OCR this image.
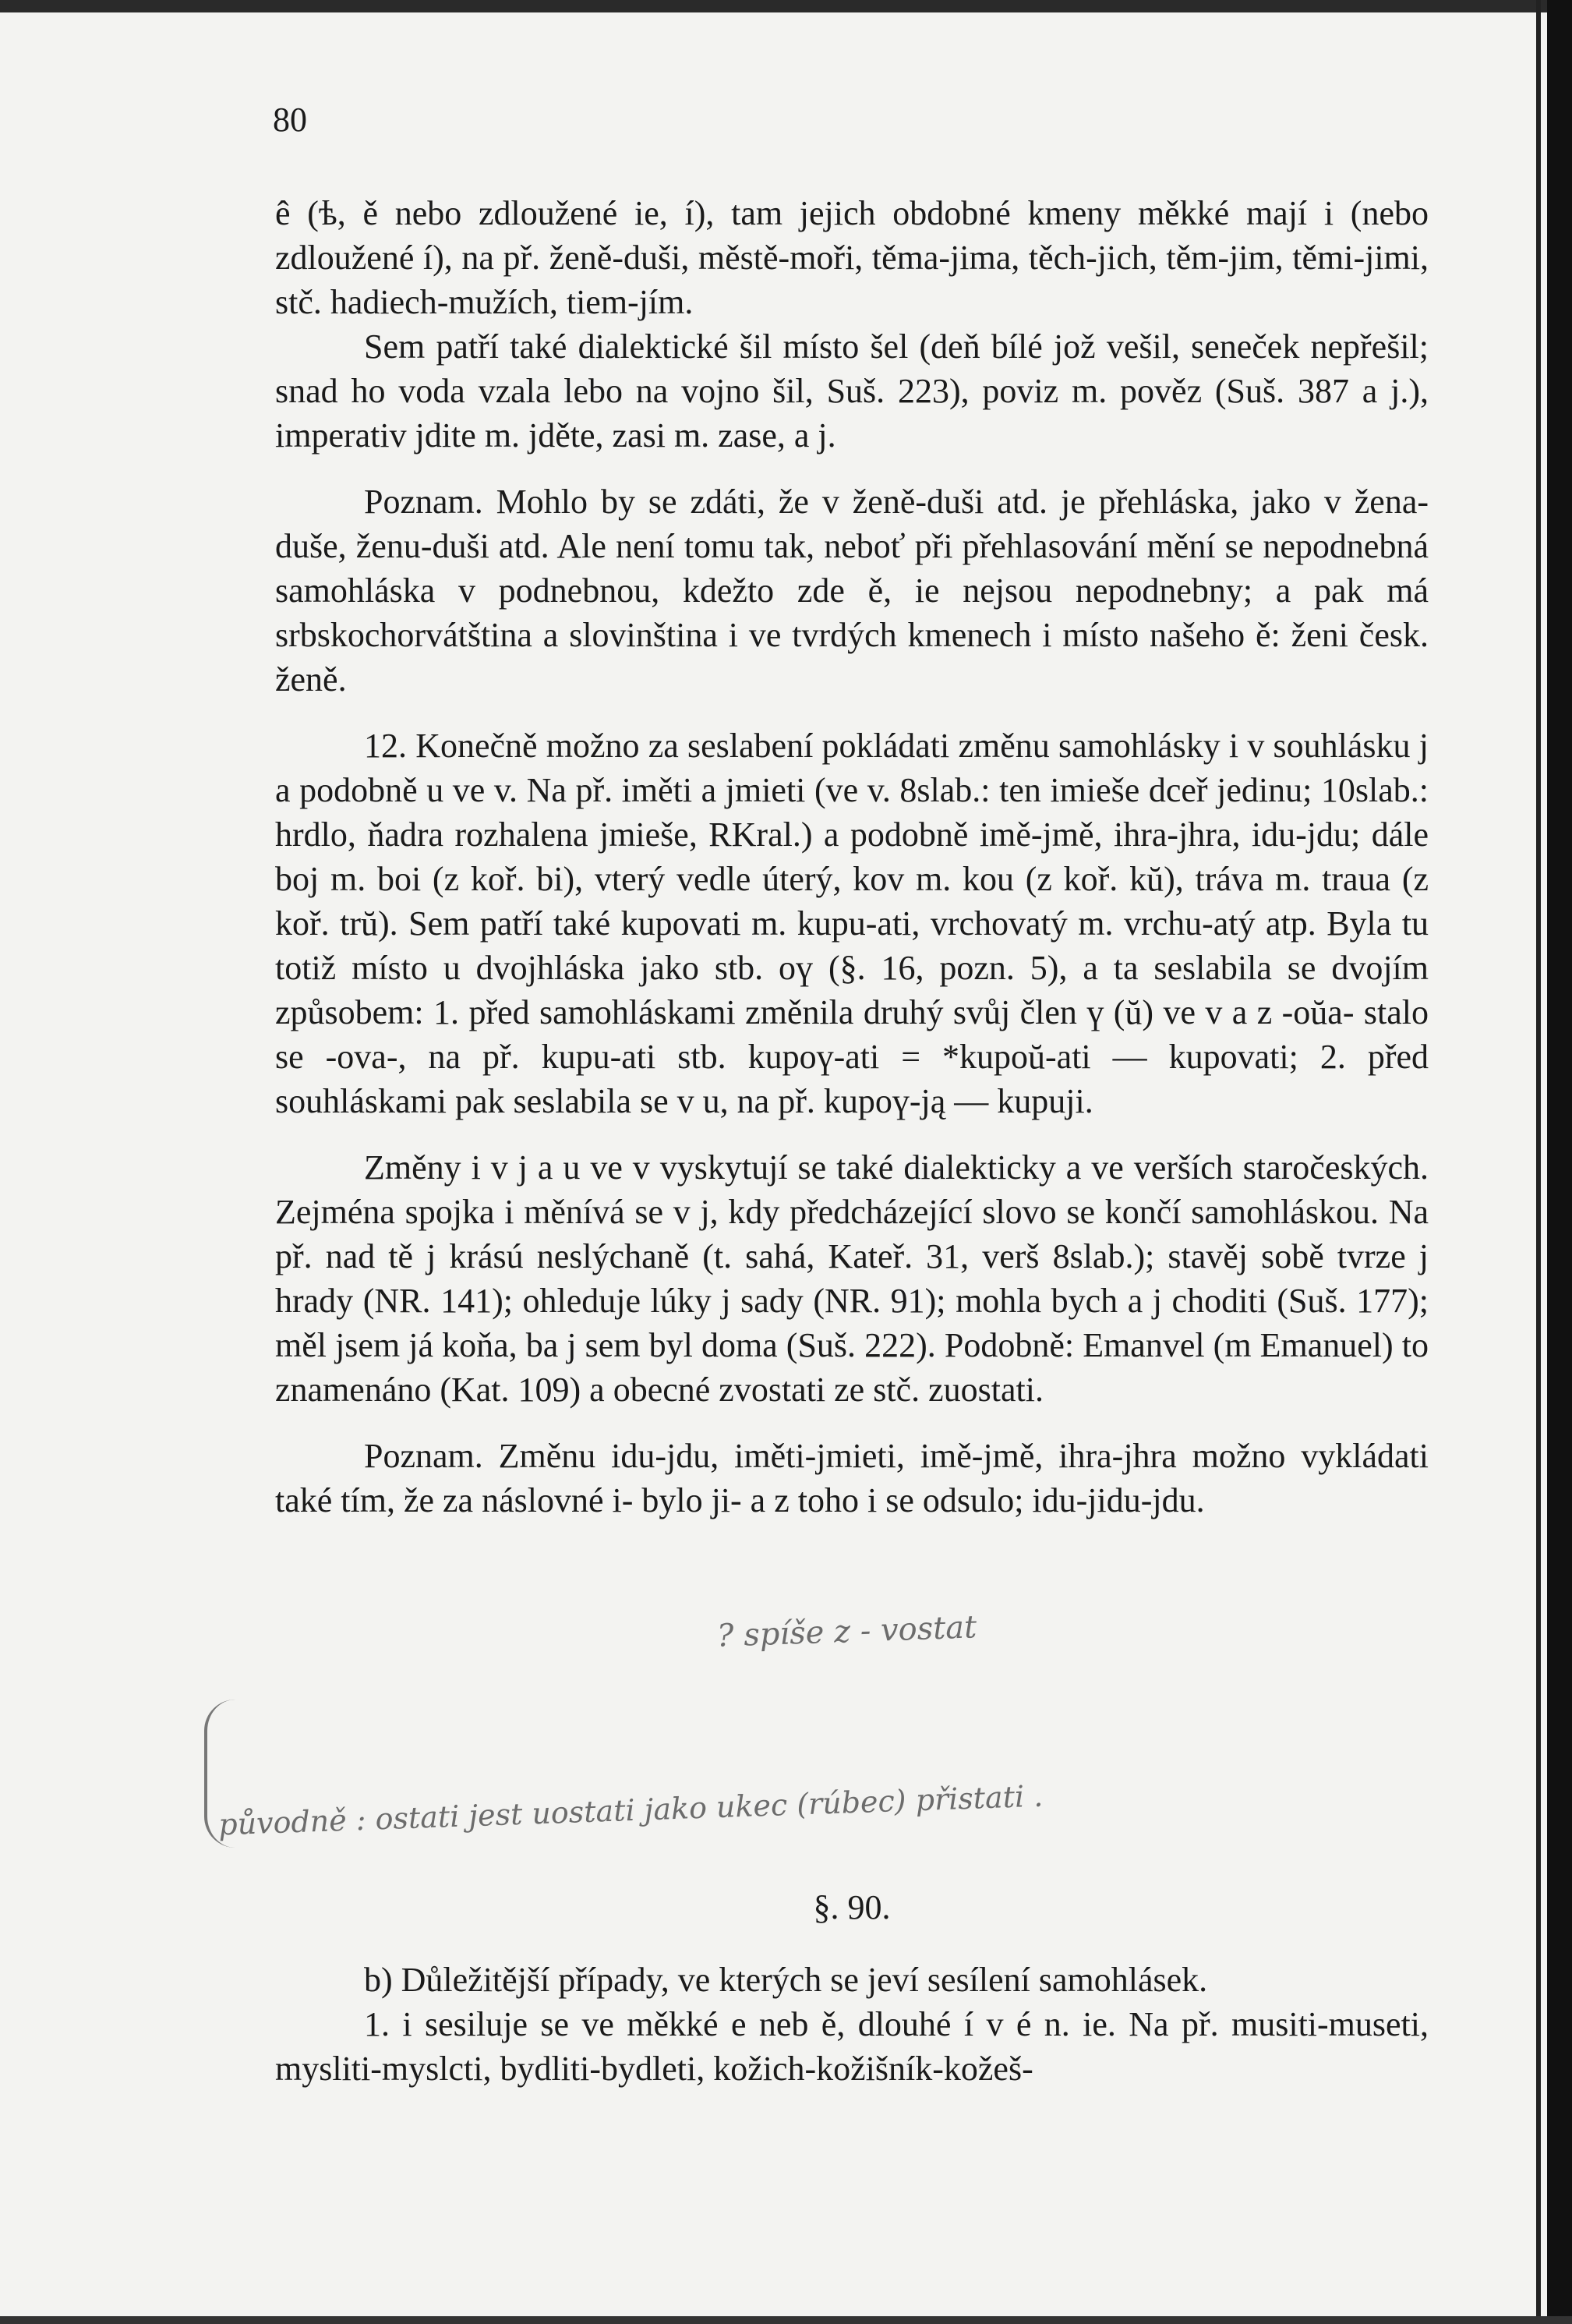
80

ê (ѣ, ě nebo zdloužené ie, í), tam jejich obdobné kmeny měkké mají i (nebo zdloužené í), na př. ženě-duši, městě-moři, těma-jima, těch-jich, těm-jim, těmi-jimi, stč. hadiech-mužích, tiem-jím.

Sem patří také dialektické šil místo šel (deň bílé jož vešil, seneček nepřešil; snad ho voda vzala lebo na vojno šil, Suš. 223), poviz m. pověz (Suš. 387 a j.), imperativ jdite m. jděte, zasi m. zase, a j.

Poznam. Mohlo by se zdáti, že v ženě-duši atd. je přehláska, jako v žena-duše, ženu-duši atd. Ale není tomu tak, neboť při přehlasování mění se nepodnebná samohláska v podnebnou, kdežto zde ě, ie nejsou nepodnebny; a pak má srbskochorvátština a slovinština i ve tvrdých kmenech i místo našeho ě: ženi česk. ženě.

12. Konečně možno za seslabení pokládati změnu samohlásky i v souhlásku j a podobně u ve v. Na př. iměti a jmieti (ve v. 8slab.: ten imieše dceř jedinu; 10slab.: hrdlo, ňadra rozhalena jmieše, RKral.) a podobně imě-jmě, ihra-jhra, idu-jdu; dále boj m. boi (z koř. bi), vterý vedle úterý, kov m. kou (z koř. kŭ), tráva m. traua (z koř. trŭ). Sem patří také kupovati m. kupu-ati, vrchovatý m. vrchu-atý atp. Byla tu totiž místo u dvojhláska jako stb. оү (§. 16, pozn. 5), a ta seslabila se dvojím způsobem: 1. před samohláskami změnila druhý svůj člen ү (ŭ) ve v a z -oŭa- stalo se -ova-, na př. kupu-ati stb. kupоү-ati = *kupoŭ-ati — kupovati; 2. před souhláskami pak seslabila se v u, na př. kupоү-ją — kupuji.

Změny i v j a u ve v vyskytují se také dialekticky a ve verších staročeských. Zejména spojka i měnívá se v j, kdy předcházející slovo se končí samohláskou. Na př. nad tě j krású neslýchaně (t. sahá, Kateř. 31, verš 8slab.); stavěj sobě tvrze j hrady (NR. 141); ohleduje lúky j sady (NR. 91); mohla bych a j choditi (Suš. 177); měl jsem já koňa, ba j sem byl doma (Suš. 222). Podobně: Emanvel (m Emanuel) to znamenáno (Kat. 109) a obecné zvostati ze stč. zuostati.

Poznam. Změnu idu-jdu, iměti-jmieti, imě-jmě, ihra-jhra možno vykládati také tím, že za náslovné i- bylo ji- a z toho i se odsulo; idu-jidu-jdu.

? spíše z - vostat
původně : ostati jest uostati jako ukec (rúbec) přistati .
§. 90.

b) Důležitější případy, ve kterých se jeví sesílení samohlásek.

1. i sesiluje se ve měkké e neb ě, dlouhé í v é n. ie. Na př. musiti-museti, mysliti-myslcti, bydliti-bydleti, kožich-kožišník-kožeš-
